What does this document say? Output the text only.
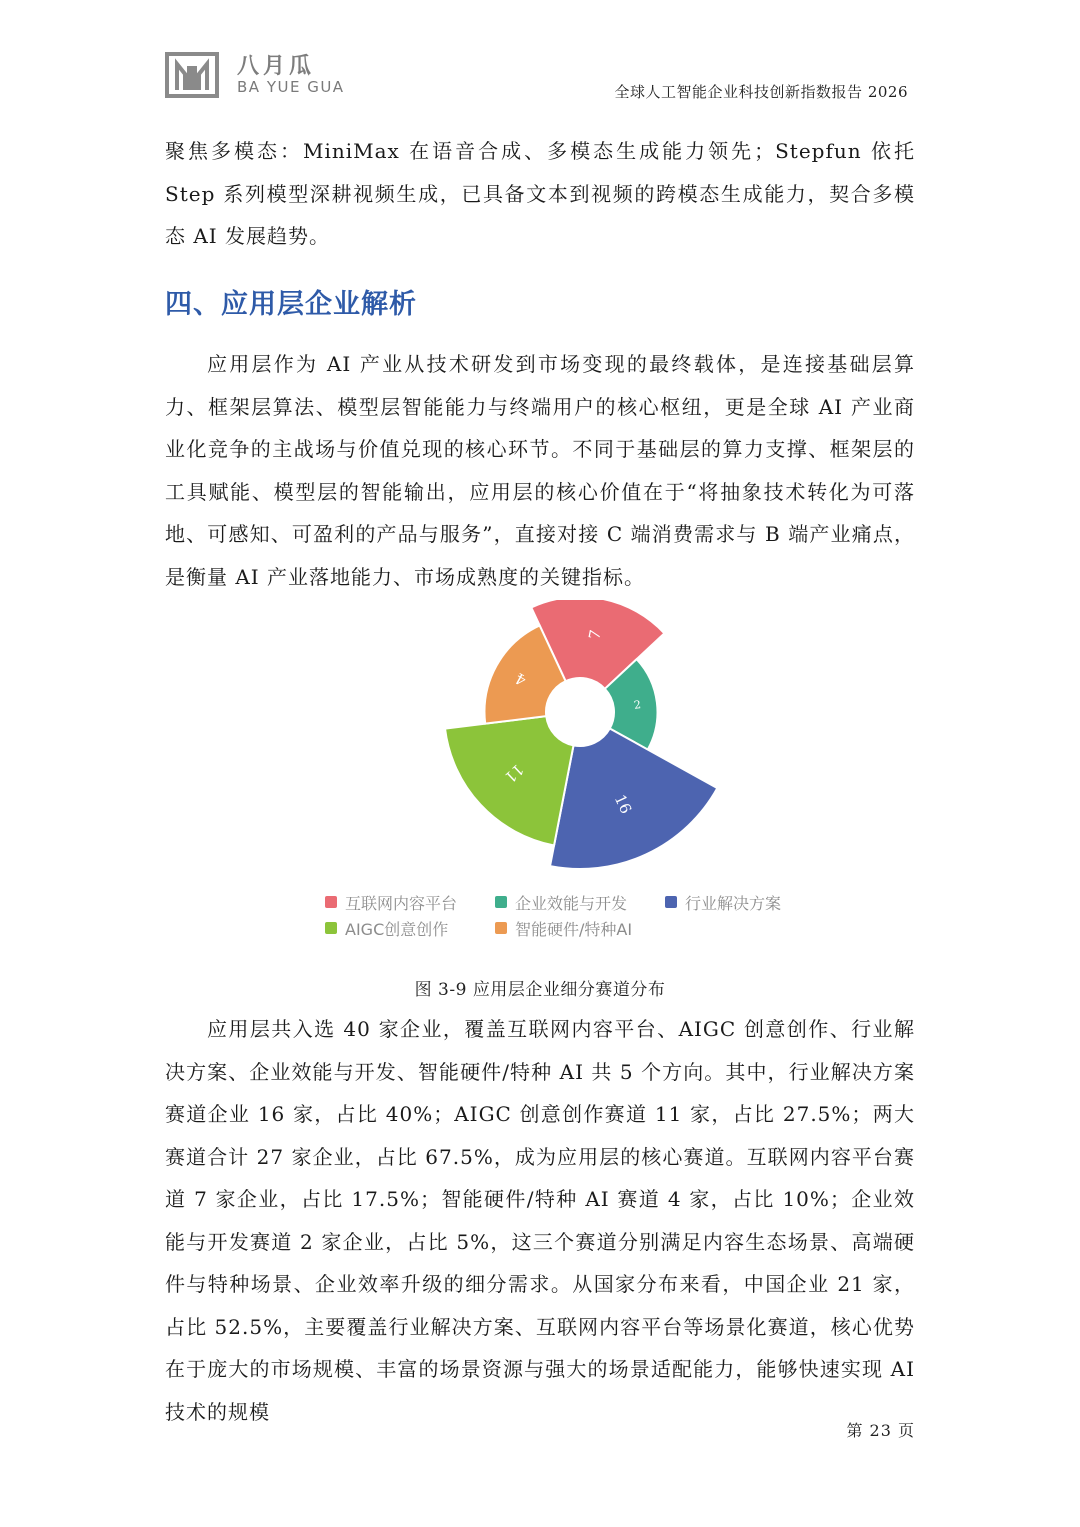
八月瓜
BA YUE GUA	全球人工智能企业科技创新指数报告 2026

聚焦多模态：MiniMax 在语音合成、多模态生成能力领先；Stepfun 依托 Step 系列模型深耕视频生成，已具备文本到视频的跨模态生成能力，契合多模态 AI 发展趋势。

四、应用层企业解析

应用层作为 AI 产业从技术研发到市场变现的最终载体，是连接基础层算力、框架层算法、模型层智能能力与终端用户的核心枢纽，更是全球 AI 产业商业化竞争的主战场与价值兑现的核心环节。不同于基础层的算力支撑、框架层的工具赋能、模型层的智能输出，应用层的核心价值在于“将抽象技术转化为可落地、可感知、可盈利的产品与服务”，直接对接 C 端消费需求与 B 端产业痛点，是衡量 AI 产业落地能力、市场成熟度的关键指标。

7
2
16
11
4
互联网内容平台	企业效能与开发	行业解决方案
AIGC创意创作	智能硬件/特种AI
图 3-9 应用层企业细分赛道分布

应用层共入选 40 家企业，覆盖互联网内容平台、AIGC 创意创作、行业解决方案、企业效能与开发、智能硬件/特种 AI 共 5 个方向。其中，行业解决方案赛道企业 16 家，占比 40%；AIGC 创意创作赛道 11 家，占比 27.5%；两大赛道合计 27 家企业，占比 67.5%，成为应用层的核心赛道。互联网内容平台赛道 7 家企业，占比 17.5%；智能硬件/特种 AI 赛道 4 家，占比 10%；企业效能与开发赛道 2 家企业，占比 5%，这三个赛道分别满足内容生态场景、高端硬件与特种场景、企业效率升级的细分需求。从国家分布来看，中国企业 21 家，占比 52.5%，主要覆盖行业解决方案、互联网内容平台等场景化赛道，核心优势在于庞大的市场规模、丰富的场景资源与强大的场景适配能力，能够快速实现 AI 技术的规模

第 23 页
